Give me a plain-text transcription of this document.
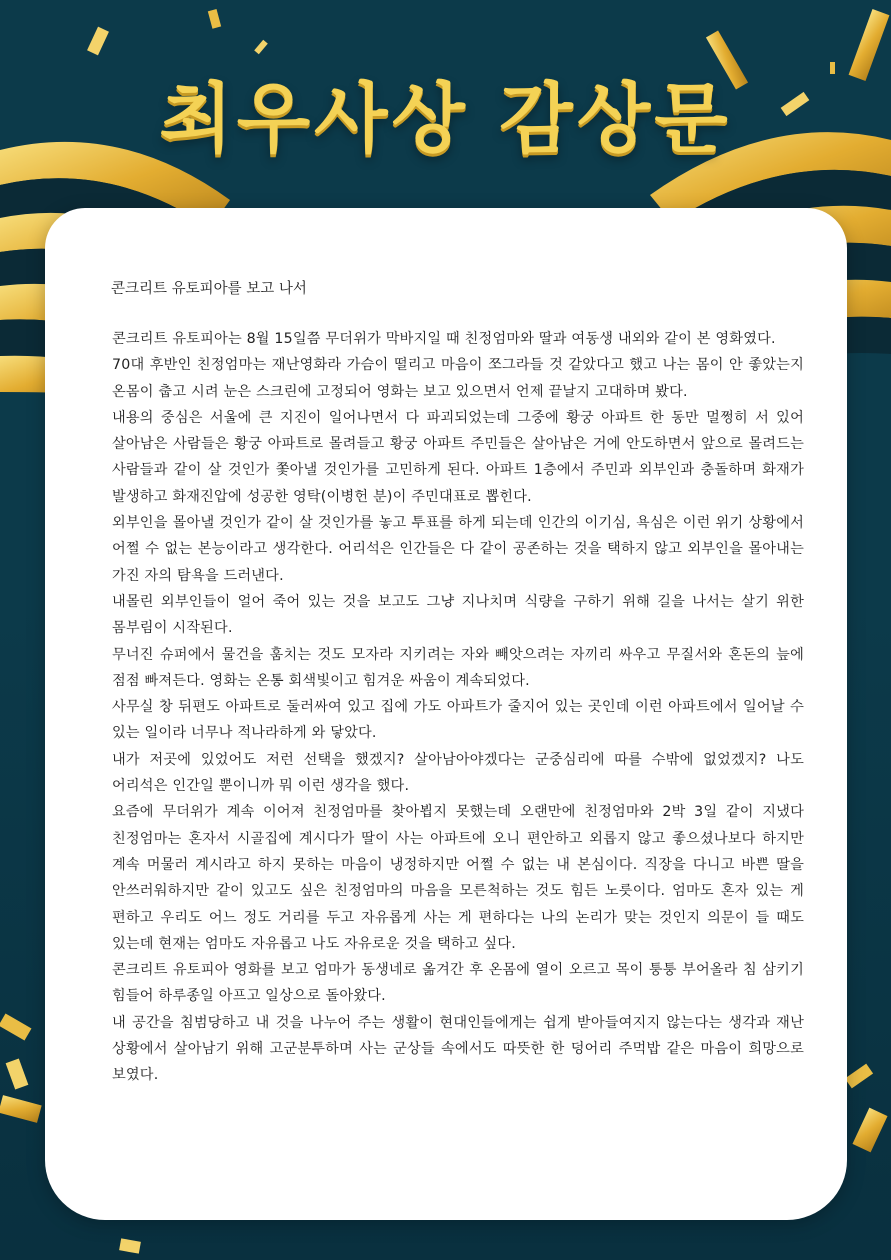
최우사상 감상문
콘크리트 유토피아를 보고 나서
콘크리트 유토피아는 8월 15일쯤 무더위가 막바지일 때 친정엄마와 딸과 여동생 내외와 같이 본 영화였다.
70대 후반인 친정엄마는 재난영화라 가슴이 떨리고 마음이 쪼그라들 것 같았다고 했고 나는 몸이 안 좋았는지 온몸이 춥고 시려 눈은 스크린에 고정되어 영화는 보고 있으면서 언제 끝날지 고대하며 봤다.
내용의 중심은 서울에 큰 지진이 일어나면서 다 파괴되었는데 그중에 황궁 아파트 한 동만 멀쩡히 서 있어 살아남은 사람들은 황궁 아파트로 몰려들고 황궁 아파트 주민들은 살아남은 거에 안도하면서 앞으로 몰려드는 사람들과 같이 살 것인가 쫓아낼 것인가를 고민하게 된다. 아파트 1층에서 주민과 외부인과 충돌하며 화재가 발생하고 화재진압에 성공한 영탁(이병헌 분)이 주민대표로 뽑힌다.
외부인을 몰아낼 것인가 같이 살 것인가를 놓고 투표를 하게 되는데 인간의 이기심, 욕심은 이런 위기 상황에서 어쩔 수 없는 본능이라고 생각한다. 어리석은 인간들은 다 같이 공존하는 것을 택하지 않고 외부인을 몰아내는 가진 자의 탐욕을 드러낸다.
내몰린 외부인들이 얼어 죽어 있는 것을 보고도 그냥 지나치며 식량을 구하기 위해 길을 나서는 살기 위한 몸부림이 시작된다.
무너진 슈퍼에서 물건을 훔치는 것도 모자라 지키려는 자와 빼앗으려는 자끼리 싸우고 무질서와 혼돈의 늪에 점점 빠져든다. 영화는 온통 회색빛이고 힘겨운 싸움이 계속되었다.
사무실 창 뒤편도 아파트로 둘러싸여 있고 집에 가도 아파트가 줄지어 있는 곳인데 이런 아파트에서 일어날 수 있는 일이라 너무나 적나라하게 와 닿았다.
내가 저곳에 있었어도 저런 선택을 했겠지? 살아남아야겠다는 군중심리에 따를 수밖에 없었겠지? 나도 어리석은 인간일 뿐이니까 뭐 이런 생각을 했다.
요즘에 무더위가 계속 이어져 친정엄마를 찾아뵙지 못했는데 오랜만에 친정엄마와 2박 3일 같이 지냈다 친정엄마는 혼자서 시골집에 계시다가 딸이 사는 아파트에 오니 편안하고 외롭지 않고 좋으셨나보다 하지만 계속 머물러 계시라고 하지 못하는 마음이 냉정하지만 어쩔 수 없는 내 본심이다. 직장을 다니고 바쁜 딸을 안쓰러워하지만 같이 있고도 싶은 친정엄마의 마음을 모른척하는 것도 힘든 노릇이다. 엄마도 혼자 있는 게 편하고 우리도 어느 정도 거리를 두고 자유롭게 사는 게 편하다는 나의 논리가 맞는 것인지 의문이 들 때도 있는데 현재는 엄마도 자유롭고 나도 자유로운 것을 택하고 싶다.
콘크리트 유토피아 영화를 보고 엄마가 동생네로 옮겨간 후 온몸에 열이 오르고 목이 퉁퉁 부어올라 침 삼키기 힘들어 하루종일 아프고 일상으로 돌아왔다.
내 공간을 침범당하고 내 것을 나누어 주는 생활이 현대인들에게는 쉽게 받아들여지지 않는다는 생각과 재난 상황에서 살아남기 위해 고군분투하며 사는 군상들 속에서도 따뜻한 한 덩어리 주먹밥 같은 마음이 희망으로 보였다.
